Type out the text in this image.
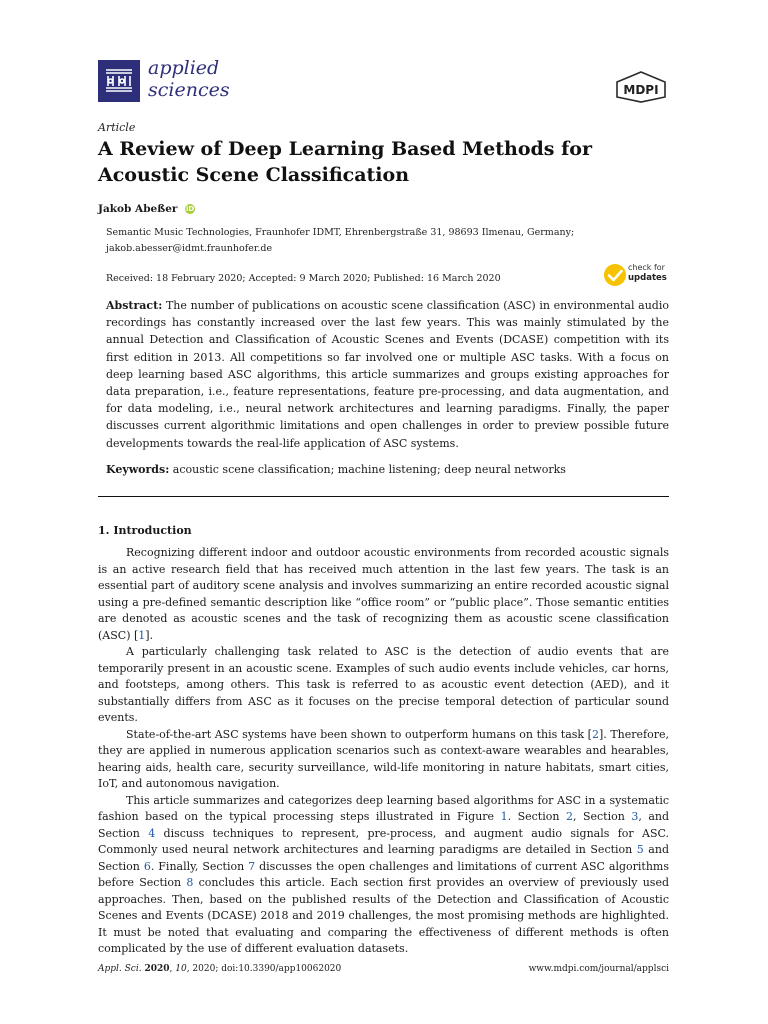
applied
sciences	MDPI
Article
A Review of Deep Learning Based Methods for Acoustic Scene Classification
Jakob Abeßer iD
Semantic Music Technologies, Fraunhofer IDMT, Ehrenbergstraße 31, 98693 Ilmenau, Germany;
jakob.abesser@idmt.fraunhofer.de
Received: 18 February 2020; Accepted: 9 March 2020; Published: 16 March 2020
check for
updates
Abstract: The number of publications on acoustic scene classification (ASC) in environmental audio recordings has constantly increased over the last few years. This was mainly stimulated by the annual Detection and Classification of Acoustic Scenes and Events (DCASE) competition with its first edition in 2013. All competitions so far involved one or multiple ASC tasks. With a focus on deep learning based ASC algorithms, this article summarizes and groups existing approaches for data preparation, i.e., feature representations, feature pre-processing, and data augmentation, and for data modeling, i.e., neural network architectures and learning paradigms. Finally, the paper discusses current algorithmic limitations and open challenges in order to preview possible future developments towards the real-life application of ASC systems.
Keywords: acoustic scene classification; machine listening; deep neural networks
1. Introduction

Recognizing different indoor and outdoor acoustic environments from recorded acoustic signals is an active research field that has received much attention in the last few years. The task is an essential part of auditory scene analysis and involves summarizing an entire recorded acoustic signal using a pre-defined semantic description like “office room” or “public place”. Those semantic entities are denoted as acoustic scenes and the task of recognizing them as acoustic scene classification (ASC) [1].

A particularly challenging task related to ASC is the detection of audio events that are temporarily present in an acoustic scene. Examples of such audio events include vehicles, car horns, and footsteps, among others. This task is referred to as acoustic event detection (AED), and it substantially differs from ASC as it focuses on the precise temporal detection of particular sound events.

State-of-the-art ASC systems have been shown to outperform humans on this task [2]. Therefore, they are applied in numerous application scenarios such as context-aware wearables and hearables, hearing aids, health care, security surveillance, wild-life monitoring in nature habitats, smart cities, IoT, and autonomous navigation.

This article summarizes and categorizes deep learning based algorithms for ASC in a systematic fashion based on the typical processing steps illustrated in Figure 1. Section 2, Section 3, and Section 4 discuss techniques to represent, pre-process, and augment audio signals for ASC. Commonly used neural network architectures and learning paradigms are detailed in Section 5 and Section 6. Finally, Section 7 discusses the open challenges and limitations of current ASC algorithms before Section 8 concludes this article. Each section first provides an overview of previously used approaches. Then, based on the published results of the Detection and Classification of Acoustic Scenes and Events (DCASE) 2018 and 2019 challenges, the most promising methods are highlighted. It must be noted that evaluating and comparing the effectiveness of different methods is often complicated by the use of different evaluation datasets.

Appl. Sci. 2020, 10, 2020; doi:10.3390/app10062020	www.mdpi.com/journal/applsci
